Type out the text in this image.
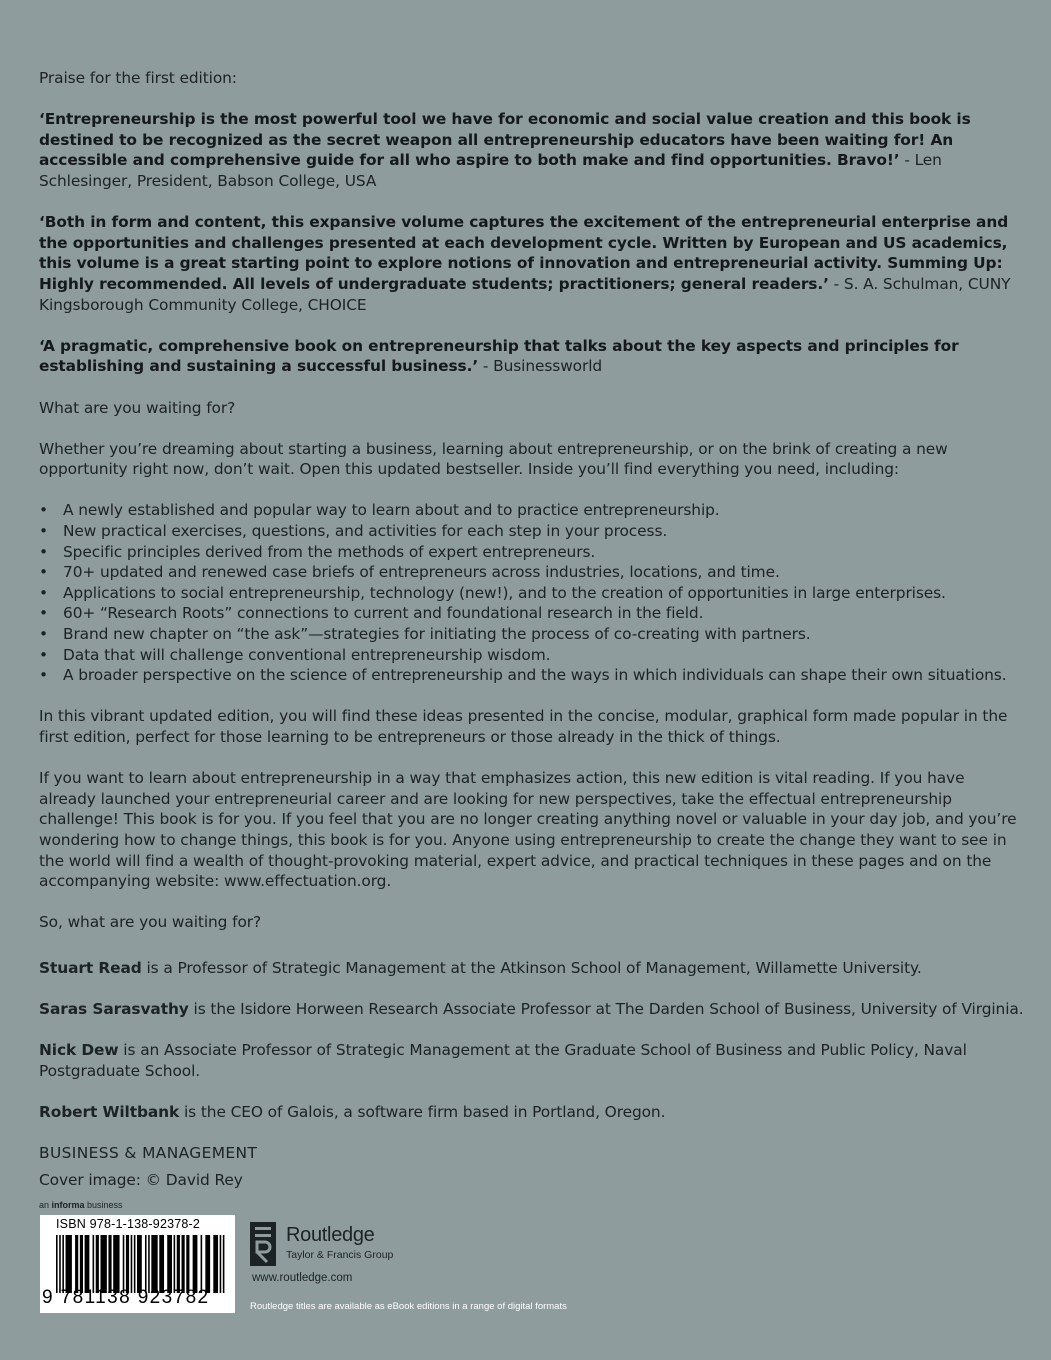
Praise for the first edition:

‘Entrepreneurship is the most powerful tool we have for economic and social value creation and this book is destined to be recognized as the secret weapon all entrepreneurship educators have been waiting for! An accessible and comprehensive guide for all who aspire to both make and find opportunities. Bravo!’ - Len Schlesinger, President, Babson College, USA

‘Both in form and content, this expansive volume captures the excitement of the entrepreneurial enterprise and the opportunities and challenges presented at each development cycle. Written by European and US academics, this volume is a great starting point to explore notions of innovation and entrepreneurial activity. Summing Up: Highly recommended. All levels of undergraduate students; practitioners; general readers.’ - S. A. Schulman, CUNY Kingsborough Community College, CHOICE

‘A pragmatic, comprehensive book on entrepreneurship that talks about the key aspects and principles for establishing and sustaining a successful business.’ - Businessworld

What are you waiting for?

Whether you’re dreaming about starting a business, learning about entrepreneurship, or on the brink of creating a new opportunity right now, don’t wait. Open this updated bestseller. Inside you’ll find everything you need, including:

• A newly established and popular way to learn about and to practice entrepreneurship.
• New practical exercises, questions, and activities for each step in your process.
• Specific principles derived from the methods of expert entrepreneurs.
• 70+ updated and renewed case briefs of entrepreneurs across industries, locations, and time.
• Applications to social entrepreneurship, technology (new!), and to the creation of opportunities in large enterprises.
• 60+ “Research Roots” connections to current and foundational research in the field.
• Brand new chapter on “the ask”—strategies for initiating the process of co-creating with partners.
• Data that will challenge conventional entrepreneurship wisdom.
• A broader perspective on the science of entrepreneurship and the ways in which individuals can shape their own situations.

In this vibrant updated edition, you will find these ideas presented in the concise, modular, graphical form made popular in the first edition, perfect for those learning to be entrepreneurs or those already in the thick of things.

If you want to learn about entrepreneurship in a way that emphasizes action, this new edition is vital reading. If you have already launched your entrepreneurial career and are looking for new perspectives, take the effectual entrepreneurship challenge! This book is for you. If you feel that you are no longer creating anything novel or valuable in your day job, and you’re wondering how to change things, this book is for you. Anyone using entrepreneurship to create the change they want to see in the world will find a wealth of thought-provoking material, expert advice, and practical techniques in these pages and on the accompanying website: www.effectuation.org.

So, what are you waiting for?

Stuart Read is a Professor of Strategic Management at the Atkinson School of Management, Willamette University.

Saras Sarasvathy is the Isidore Horween Research Associate Professor at The Darden School of Business, University of Virginia.

Nick Dew is an Associate Professor of Strategic Management at the Graduate School of Business and Public Policy, Naval Postgraduate School.

Robert Wiltbank is the CEO of Galois, a software firm based in Portland, Oregon.

BUSINESS & MANAGEMENT

Cover image: © David Rey

an informa business
ISBN 978-1-138-92378-2
9 781138 923782
Routledge
Taylor & Francis Group
www.routledge.com
Routledge titles are available as eBook editions in a range of digital formats
